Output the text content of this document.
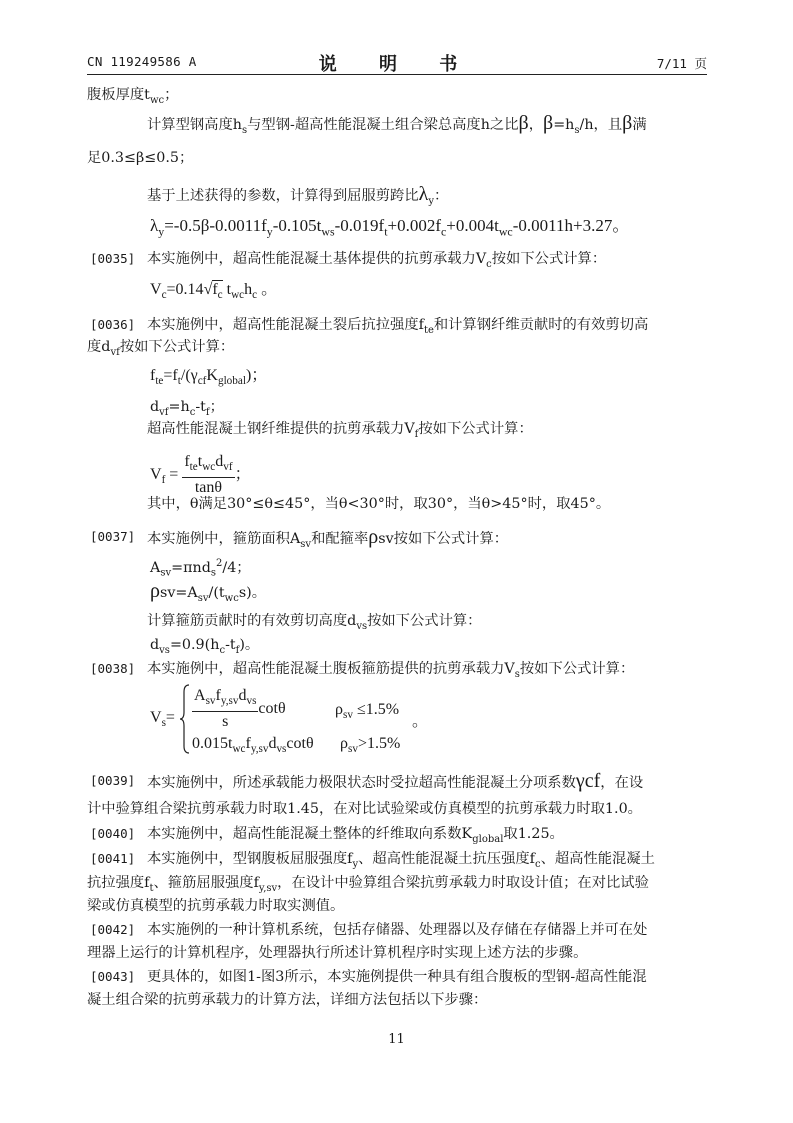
CN 119249586 A	说 明 书	7/11 页
腹板厚度$t_{wc}$；
计算型钢高度$h_s$与型钢-超高性能混凝土组合梁总高度h之比β，$\beta=h_s/h$，且β满
足0.3≤β≤0.5；
基于上述获得的参数，计算得到屈服剪跨比$\lambda_y$：
$\lambda_y=-0.5\beta-0.0011f_y-0.105t_{ws}-0.019f_t+0.002f_c+0.004t_{wc}-0.0011h+3.27$。
[0035] 本实施例中，超高性能混凝土基体提供的抗剪承载力$V_c$按如下公式计算：
$V_c=0.14√f_c$ $t_{wc}h_c$ 。
[0036] 本实施例中，超高性能混凝土裂后抗拉强度$f_{te}$和计算钢纤维贡献时的有效剪切高
度$d_{vf}$按如下公式计算：
$f_{te}=f_t/(\gamma_{cf}K_{global})$；
$d_{vf}=h_c-t_f$；
超高性能混凝土钢纤维提供的抗剪承载力$V_f$按如下公式计算：
$V_f = \frac{f_{te}t_{wc}d_{vf}}{\tan\theta}$ ；
其中，θ满足30°≤θ≤45°，当θ<30°时，取30°，当θ>45°时，取45°。
[0037] 本实施例中，箍筋面积$A_{sv}$和配箍率ρsv按如下公式计算：
$A_{sv}=\pi nd_s^2/4$；
$\rho sv=A_{sv}/(t_{wc}s)$。
计算箍筋贡献时的有效剪切高度$d_{vs}$按如下公式计算：
$d_{vs}=0.9(h_c-t_f)$。
[0038] 本实施例中，超高性能混凝土腹板箍筋提供的抗剪承载力$V_s$按如下公式计算：
$V_s= \frac{A_{sv}f_{y,sv}d_{vs}}{s}$ cotθ	$\rho_{sv} \le 1.5\%$
$0.015t_{wc}f_{y,sv}d_{vs}\cot\theta$ $\rho_{sv}>1.5\%$
。
[0039] 本实施例中，所述承载能力极限状态时受拉超高性能混凝土分项系数γcf，在设
计中验算组合梁抗剪承载力时取1.45，在对比试验梁或仿真模型的抗剪承载力时取1.0。
[0040] 本实施例中，超高性能混凝土整体的纤维取向系数$K_{global}$取1.25。
[0041] 本实施例中，型钢腹板屈服强度$f_y$、超高性能混凝土抗压强度$f_c$、超高性能混凝土
抗拉强度$f_t$、箍筋屈服强度$f_{y,sv}$，在设计中验算组合梁抗剪承载力时取设计值；在对比试验
梁或仿真模型的抗剪承载力时取实测值。
[0042] 本实施例的一种计算机系统，包括存储器、处理器以及存储在存储器上并可在处
理器上运行的计算机程序，处理器执行所述计算机程序时实现上述方法的步骤。
[0043] 更具体的，如图1-图3所示，本实施例提供一种具有组合腹板的型钢-超高性能混
凝土组合梁的抗剪承载力的计算方法，详细方法包括以下步骤：
11
